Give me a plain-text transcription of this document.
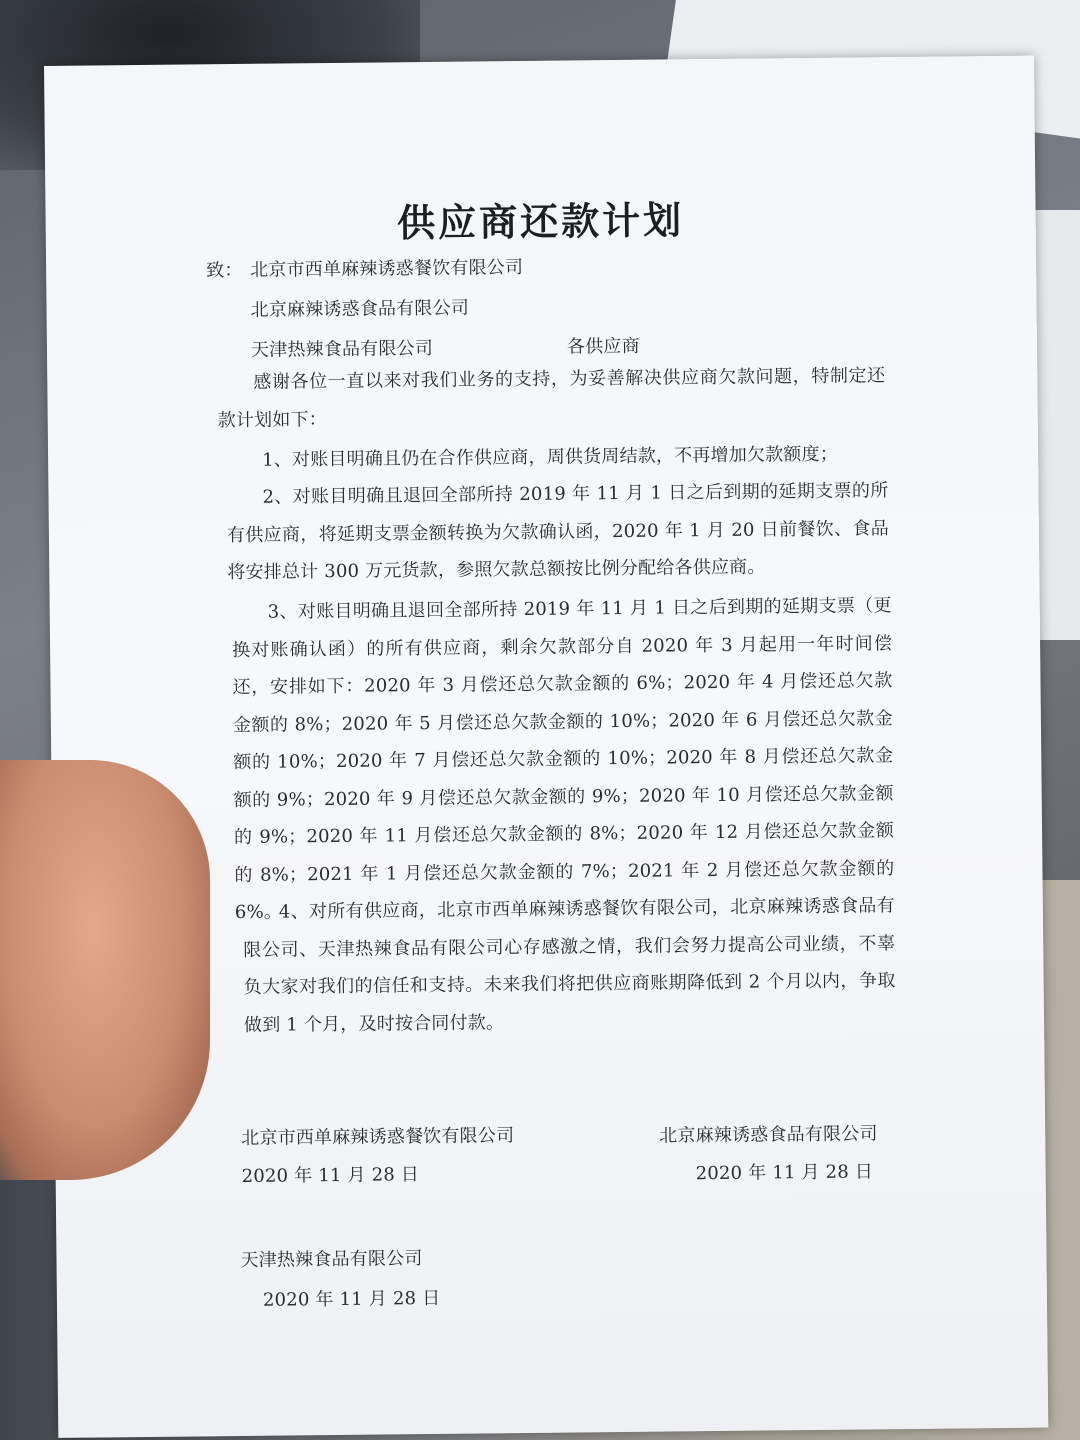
供应商还款计划
致： 北京市西单麻辣诱惑餐饮有限公司
北京麻辣诱惑食品有限公司
天津热辣食品有限公司	各供应商
感谢各位一直以来对我们业务的支持，为妥善解决供应商欠款问题，特制定还款计划如下：
1、对账目明确且仍在合作供应商，周供货周结款，不再增加欠款额度；
2、对账目明确且退回全部所持 2019 年 11 月 1 日之后到期的延期支票的所有供应商，将延期支票金额转换为欠款确认函，2020 年 1 月 20 日前餐饮、食品将安排总计 300 万元货款，参照欠款总额按比例分配给各供应商。
3、对账目明确且退回全部所持 2019 年 11 月 1 日之后到期的延期支票（更换对账确认函）的所有供应商，剩余欠款部分自 2020 年 3 月起用一年时间偿还，安排如下：2020 年 3 月偿还总欠款金额的 6%；2020 年 4 月偿还总欠款金额的 8%；2020 年 5 月偿还总欠款金额的 10%；2020 年 6 月偿还总欠款金额的 10%；2020 年 7 月偿还总欠款金额的 10%；2020 年 8 月偿还总欠款金额的 9%；2020 年 9 月偿还总欠款金额的 9%；2020 年 10 月偿还总欠款金额的 9%；2020 年 11 月偿还总欠款金额的 8%；2020 年 12 月偿还总欠款金额的 8%；2021 年 1 月偿还总欠款金额的 7%；2021 年 2 月偿还总欠款金额的 6%。
4、对所有供应商，北京市西单麻辣诱惑餐饮有限公司，北京麻辣诱惑食品有限公司、天津热辣食品有限公司心存感激之情，我们会努力提高公司业绩，不辜负大家对我们的信任和支持。未来我们将把供应商账期降低到 2 个月以内，争取做到 1 个月，及时按合同付款。
北京市西单麻辣诱惑餐饮有限公司
2020 年 11 月 28 日
北京麻辣诱惑食品有限公司
2020 年 11 月 28 日
天津热辣食品有限公司
2020 年 11 月 28 日
